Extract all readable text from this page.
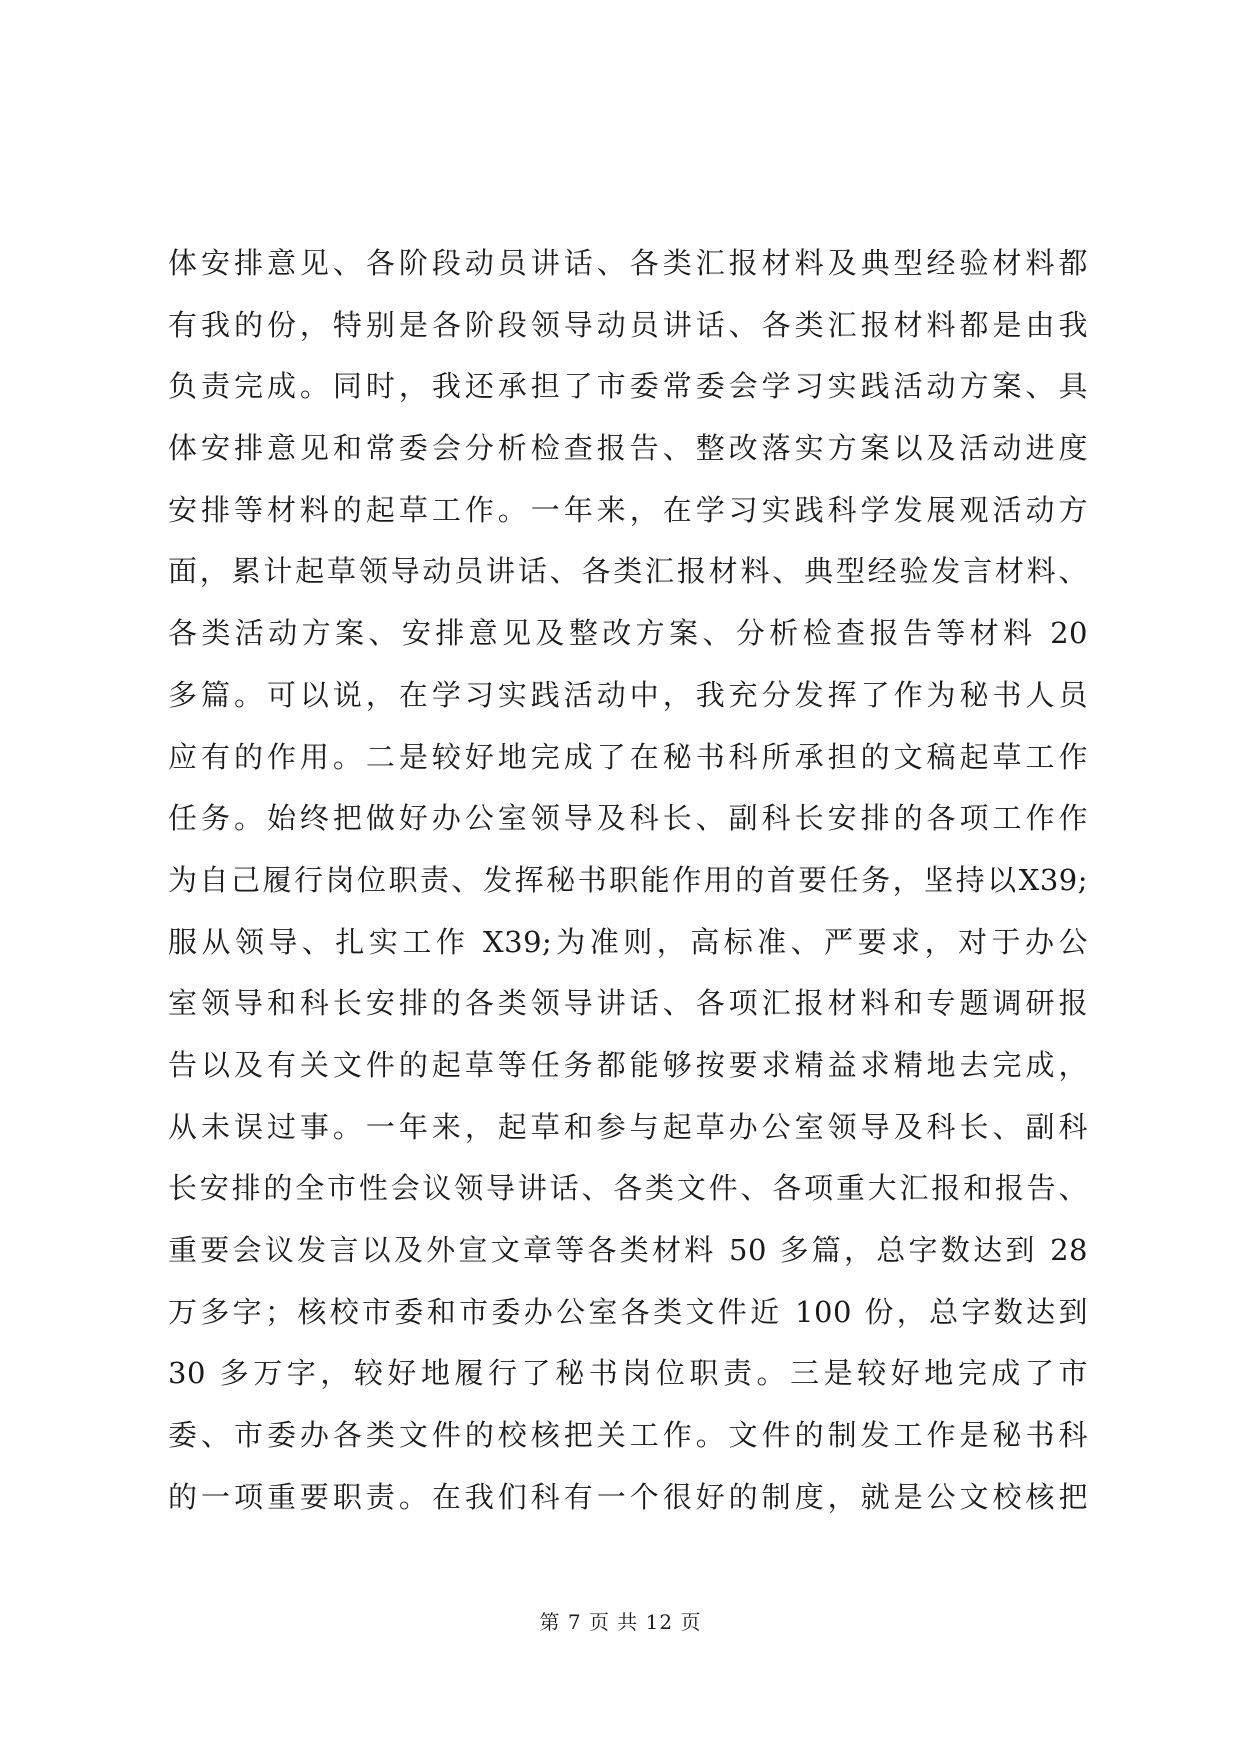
体安排意见、各阶段动员讲话、各类汇报材料及典型经验材料都
有我的份，特别是各阶段领导动员讲话、各类汇报材料都是由我
负责完成。同时，我还承担了市委常委会学习实践活动方案、具
体安排意见和常委会分析检查报告、整改落实方案以及活动进度
安排等材料的起草工作。一年来，在学习实践科学发展观活动方
面，累计起草领导动员讲话、各类汇报材料、典型经验发言材料、
各类活动方案、安排意见及整改方案、分析检查报告等材料 20
多篇。可以说，在学习实践活动中，我充分发挥了作为秘书人员
应有的作用。二是较好地完成了在秘书科所承担的文稿起草工作
任务。始终把做好办公室领导及科长、副科长安排的各项工作作
为自己履行岗位职责、发挥秘书职能作用的首要任务，坚持以X39;
服从领导、扎实工作 X39;为准则，高标准、严要求，对于办公
室领导和科长安排的各类领导讲话、各项汇报材料和专题调研报
告以及有关文件的起草等任务都能够按要求精益求精地去完成，
从未误过事。一年来，起草和参与起草办公室领导及科长、副科
长安排的全市性会议领导讲话、各类文件、各项重大汇报和报告、
重要会议发言以及外宣文章等各类材料 50 多篇，总字数达到 28
万多字；核校市委和市委办公室各类文件近 100 份，总字数达到
30 多万字，较好地履行了秘书岗位职责。三是较好地完成了市
委、市委办各类文件的校核把关工作。文件的制发工作是秘书科
的一项重要职责。在我们科有一个很好的制度，就是公文校核把
第 7 页 共 12 页
